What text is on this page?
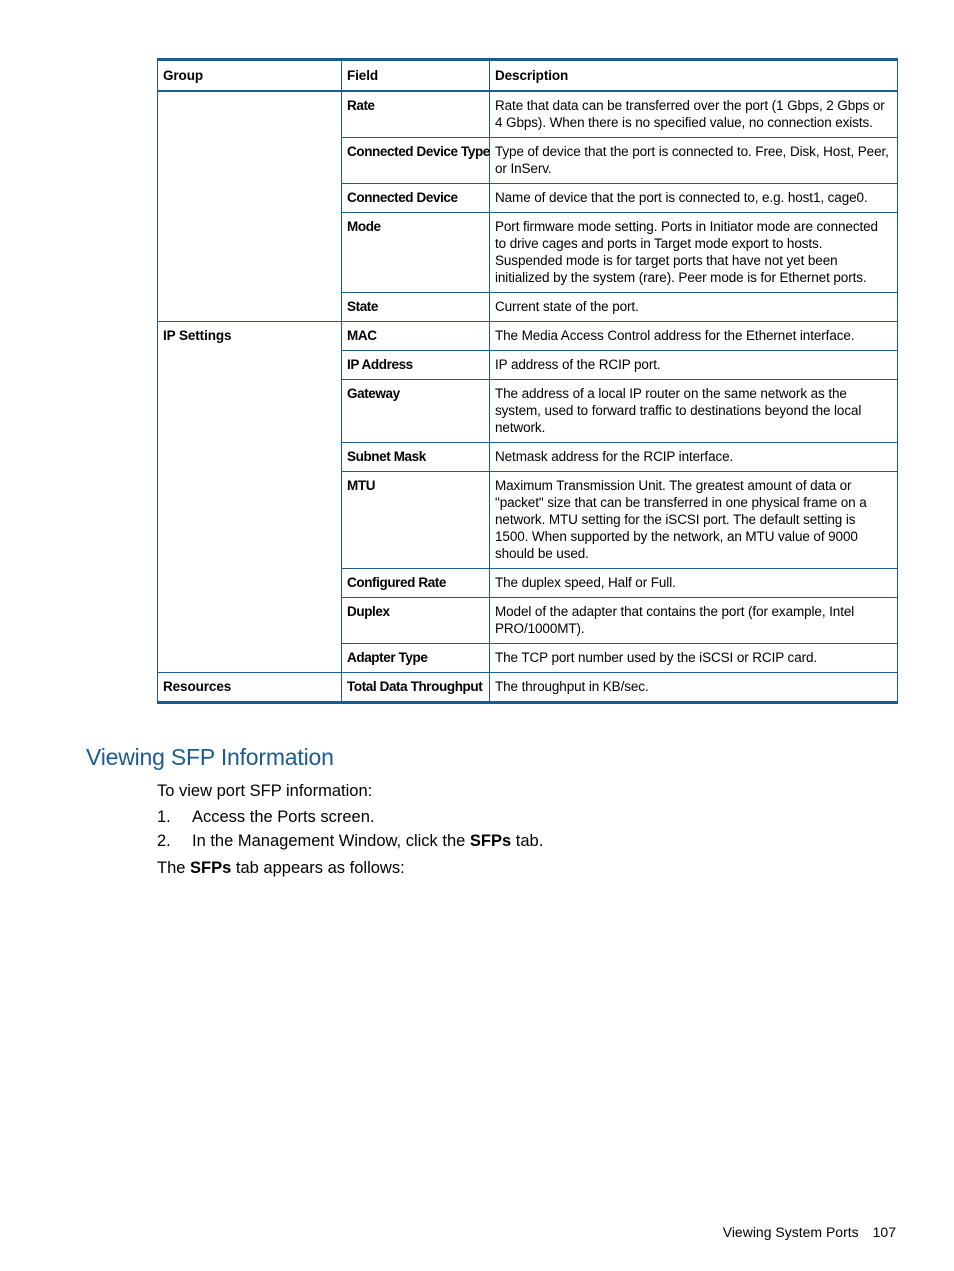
Group	Field	Description
	Rate	Rate that data can be transferred over the port (1 Gbps, 2 Gbps or 4 Gbps). When there is no specified value, no connection exists.
	Connected Device Type	Type of device that the port is connected to. Free, Disk, Host, Peer, or InServ.
	Connected Device	Name of device that the port is connected to, e.g. host1, cage0.
	Mode	Port firmware mode setting. Ports in Initiator mode are connected to drive cages and ports in Target mode export to hosts. Suspended mode is for target ports that have not yet been initialized by the system (rare). Peer mode is for Ethernet ports.
	State	Current state of the port.
IP Settings	MAC	The Media Access Control address for the Ethernet interface.
	IP Address	IP address of the RCIP port.
	Gateway	The address of a local IP router on the same network as the system, used to forward traffic to destinations beyond the local network.
	Subnet Mask	Netmask address for the RCIP interface.
	MTU	Maximum Transmission Unit. The greatest amount of data or "packet" size that can be transferred in one physical frame on a network. MTU setting for the iSCSI port. The default setting is 1500. When supported by the network, an MTU value of 9000 should be used.
	Configured Rate	The duplex speed, Half or Full.
	Duplex	Model of the adapter that contains the port (for example, Intel PRO/1000MT).
	Adapter Type	The TCP port number used by the iSCSI or RCIP card.
Resources	Total Data Throughput	The throughput in KB/sec.
Viewing SFP Information

To view port SFP information:

1. Access the Ports screen.
2. In the Management Window, click the SFPs tab.

The SFPs tab appears as follows:

Viewing System Ports 107
